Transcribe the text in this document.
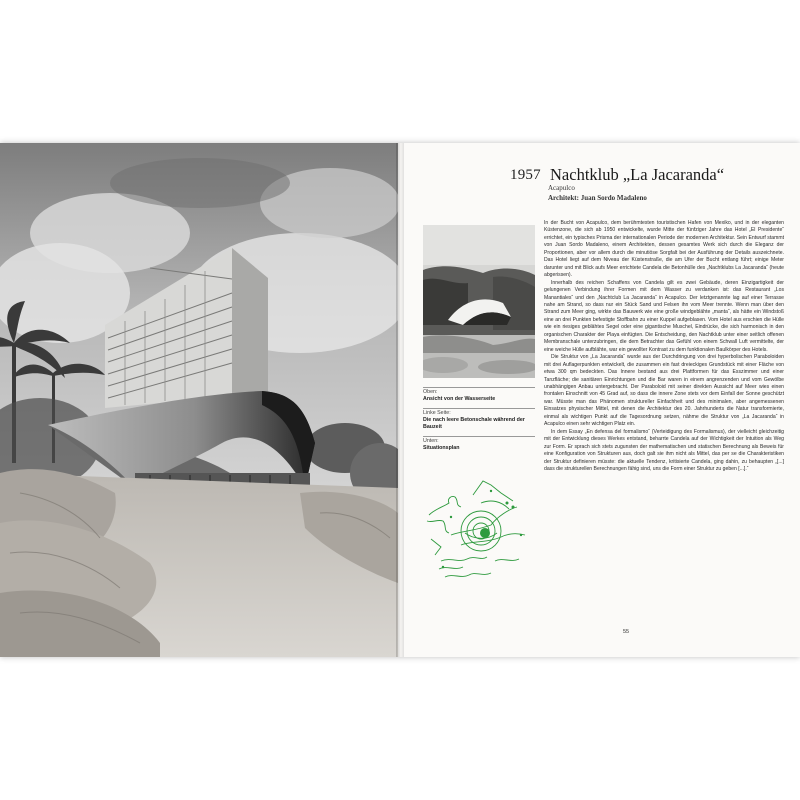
1957 Nachtklub „La Jacaranda“
Acapulco
Architekt: Juan Sordo Madaleno
Oben:
Ansicht von der Wasserseite
Linke Seite:
Die nach leere Betonschale während der Bauzeit
Unten:
Situationsplan

In der Bucht von Acapulco, dem berühmtesten touristischen Hafen von Mexiko, und in der eleganten Küstenzone, die sich ab 1950 entwickelte, wurde Mitte der fünfziger Jahre das Hotel „El Presidente“ errichtet, ein typisches Prisma der internationalen Periode der modernen Architektur. Sein Entwurf stammt von Juan Sordo Madaleno, einem Architekten, dessen gesamtes Werk sich durch die Eleganz der Proportionen, aber vor allem durch die minutiöse Sorgfalt bei der Ausführung der Details auszeichnete. Das Hotel liegt auf dem Niveau der Küstenstraße, die am Ufer der Bucht entlang führt; einige Meter darunter und mit Blick aufs Meer errichtete Candela die Betonhülle des „Nachtklubs La Jacaranda“ (heute abgerissen).

Innerhalb des reichen Schaffens von Candela gilt es zwei Gebäude, deren Einzigartigkeit der gelungenen Verbindung ihrer Formen mit dem Wasser zu verdanken ist: das Restaurant „Los Manantiales“ und den „Nachtclub La Jacaranda“ in Acapulco. Der letztgenannte lag auf einer Terrasse nahe am Strand, so dass nur ein Stück Sand und Felsen ihn vom Meer trennte. Wenn man über den Strand zum Meer ging, wirkte das Bauwerk wie eine große windgeblähte „manta“, als hätte ein Windstoß eine an drei Punkten befestigte Stoffbahn zu einer Kuppel aufgeblasen. Vom Hotel aus erschien die Hülle wie ein riesiges geblähtes Segel oder eine gigantische Muschel, Eindrücke, die sich harmonisch in den organischen Charakter der Playa einfügten. Die Entscheidung, den Nachtklub unter einer seitlich offenen Membranschale unterzubringen, die dem Betrachter das Gefühl von einem Schwall Luft vermittelte, der eine weiche Hülle aufblähte, war ein gewollter Kontrast zu dem funktionalen Baulkörper des Hotels.

Die Struktur von „La Jacaranda“ wurde aus der Durchdringung von drei hyperbolischen Paraboloiden mit drei Auflagerpunkten entwickelt, die zusammen ein fast dreieckiges Grundstück mit einer Fläche von etwa 300 qm bedeckten. Das Innere bestand aus drei Plattformen für das Esszimmer und einer Tanzfläche; die sanitären Einrichtungen und die Bar waren in einem angrenzenden und vom Gewölbe unabhängigen Anbau untergebracht. Der Paraboloid mit seiner direkten Aussicht auf Meer wies einen frontalen Einschnitt von 45 Grad auf, so dass die innere Zone stets vor dem Einfall der Sonne geschützt war. Müsste man das Phänomen struktureller Einfachheit und des minimalen, aber angemessenen Einsatzes physischer Mittel, mit denen die Architektur des 20. Jahrhunderts die Natur transformierte, einmal als wichtigen Punkt auf die Tagesordnung setzen, nähme die Struktur von „La Jacaranda“ in Acapulco einen sehr wichtigen Platz ein.

In dem Essay „En defensa del formalismo“ (Verteidigung des Formalismus), der vielleicht gleichzeitig mit der Entwicklung dieses Werkes entstand, beharrte Candela auf der Wichtigkeit der Intuition als Weg zur Form. Er sprach sich stets zugunsten der mathematischen und statischen Berechnung als Beweis für eine Konfiguration von Strukturen aus, doch galt sie ihm nicht als Mittel, das per se die Charakteristiken der Struktur definieren müsste: die aktuelle Tendenz, kritisierte Candela, ging dahin, zu behaupten „[...] dass die strukturellen Berechnungen fähig sind, uns die Form einer Struktur zu geben [...].“

55
